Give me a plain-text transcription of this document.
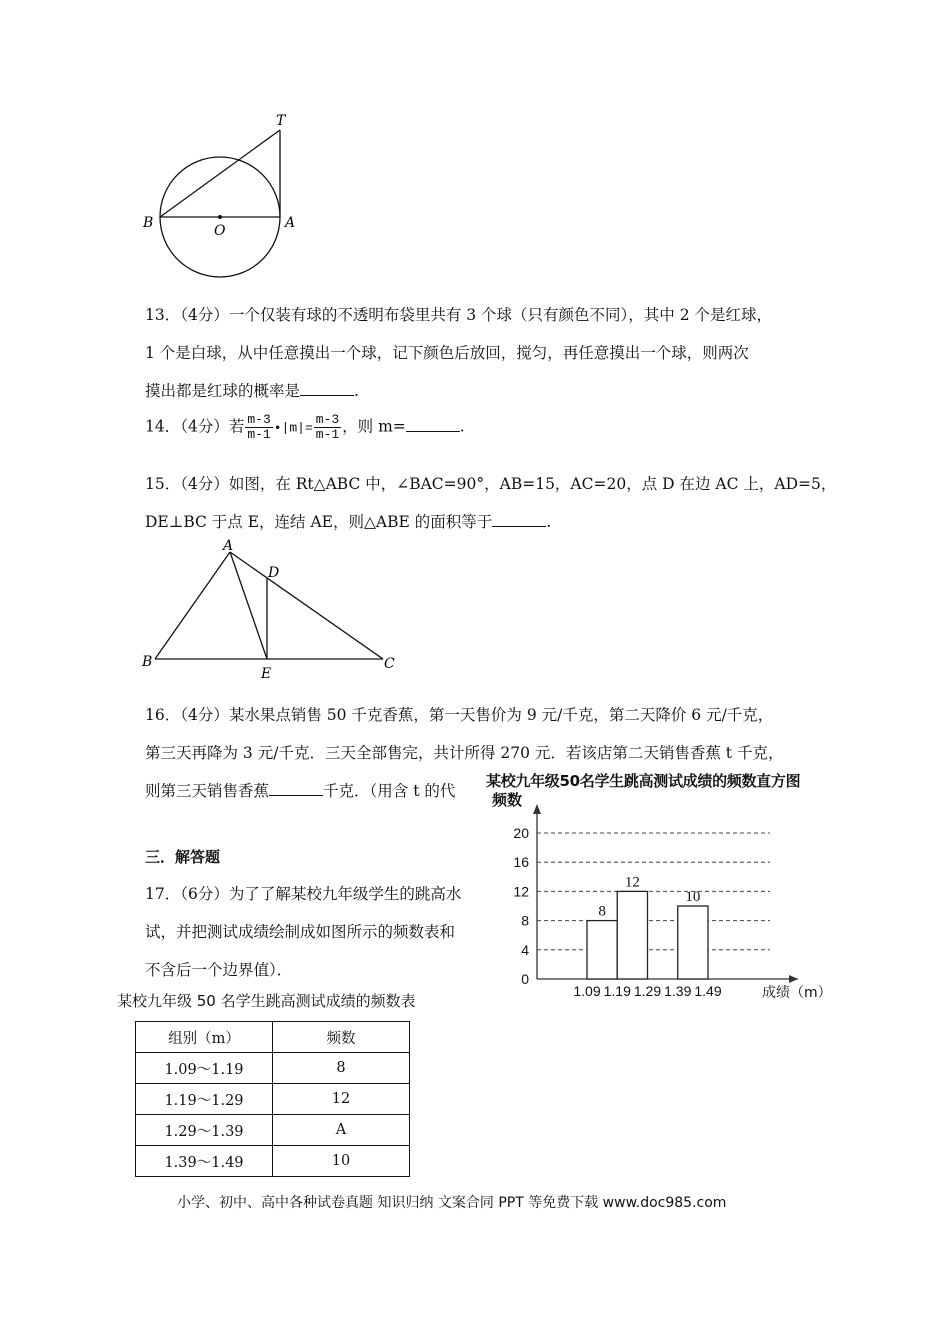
T
B	O	A
13．（4分）一个仅装有球的不透明布袋里共有 3 个球（只有颜色不同），其中 2 个是红球，
1 个是白球，从中任意摸出一个球，记下颜色后放回，搅匀，再任意摸出一个球，则两次
摸出都是红球的概率是	.
14．（4分）若 $\frac{m-3}{m-1}$ •|m|= $\frac{m-3}{m-1}$ ，则 m=	.
15．（4分）如图，在 Rt△ABC 中，∠BAC=90°，AB=15，AC=20，点 D 在边 AC 上，AD=5，
DE⊥BC 于点 E，连结 AE，则△ABE 的面积等于	.
A
D
B
E
C
16．（4分）某水果点销售 50 千克香蕉，第一天售价为 9 元/千克，第二天降价 6 元/千克，
第三天再降为 3 元/千克．三天全部售完，共计所得 270 元．若该店第二天销售香蕉 t 千克，
则第三天销售香蕉	千克．（用含 t 的代
三．解答题
17．（6分）为了了解某校九年级学生的跳高水
试，并把测试成绩绘制成如图所示的频数表和
不含后一个边界值）．
某校九年级 50 名学生跳高测试成绩的频数表
组别（m）	频数
1.09～1.19	8
1.19～1.29	12
1.29～1.39	A
1.39～1.49	10
某校九年级50名学生跳高测试成绩的频数直方图
0
4
8
12
16
20
8
12
10
1.09 1.19 1.29 1.39 1.49
频数
成绩（m）
小学、初中、高中各种试卷真题 知识归纳 文案合同 PPT 等免费下载 www.doc985.com
